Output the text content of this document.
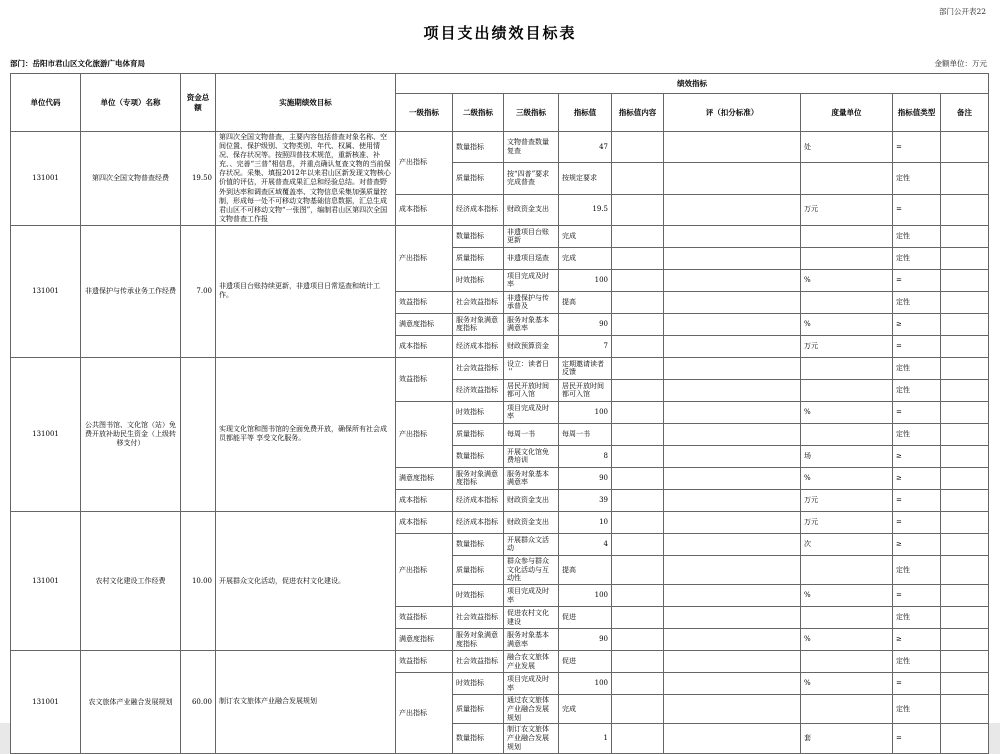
部门公开表22
项目支出绩效目标表
部门：岳阳市君山区文化旅游广电体育局	金额单位：万元
单位代码	单位（专项）名称	资金总额	实施期绩效目标	绩效指标								
				一级指标	二级指标	三级指标	指标值	指标值内容	评（扣分标准）	度量单位	指标值类型	备注
131001	第四次全国文物普查经费	19.50	第四次全国文物普查，主要内容包括普查对象名称、空间位置、保护级别、文物类别、年代、权属、使用情况、保存状况等。按照四普技术规范，重新核准、补充、、完善“三普”相信息，并重点确认复查文物的当前保存状况。采集、填报2012年以来君山区新发现文物核心价值的评估，开展普查成果汇总和经验总结。对普查野外到达率和调查区域覆盖率、文物信息采集加强质量控制，形成每一处不可移动文物基础信息数据，汇总生成君山区不可移动文物“一张图”，编制君山区第四次全国文物普查工作报	产出指标	数量指标	文物普查数量复查	47			处	=	
					质量指标	按“四普”要求完成普查	按规定要求				定性	
				成本指标	经济成本指标	财政资金支出	19.5			万元	=	
131001	非遗保护与传承业务工作经费	7.00	非遗项目台账持续更新，非遗项目日常巡查和统计工作。	产出指标	数量指标	非遗项目台账更新	完成				定性	
					质量指标	非遗项目巡查	完成				定性	
					时效指标	项目完成及时率	100			%	=	
				效益指标	社会效益指标	非遗保护与传承普及	提高				定性	
				满意度指标	服务对象满意度指标	服务对象基本满意率	90			%	≥	
				成本指标	经济成本指标	财政预算资金	7			万元	=	
131001	公共图书馆、文化馆（站）免费开放补助民生资金（上级转移支付）		实现文化馆和图书馆的全面免费开放，确保所有社会成员都能平等 享受文化服务。	效益指标	社会效益指标	设立：读者日＂	定期邀请读者反馈				定性	
					经济效益指标	居民开放时间都可入馆	居民开放时间都可入馆				定性	
				产出指标	时效指标	项目完成及时率	100			%	=	
					质量指标	每周一书	每周一书				定性	
					数量指标	开展文化馆免费培训	8			场	≥	
				满意度指标	服务对象满意度指标	服务对象基本满意率	90			%	≥	
				成本指标	经济成本指标	财政资金支出	39			万元	=	
131001	农村文化建设工作经费	10.00	开展群众文化活动，促进农村文化建设。	成本指标	经济成本指标	财政资金支出	10			万元	=	
				产出指标	数量指标	开展群众文活动	4			次	≥	
					质量指标	群众参与群众文化活动与互动性	提高				定性	
					时效指标	项目完成及时率	100			%	=	
				效益指标	社会效益指标	促进农村文化建设	促进				定性	
				满意度指标	服务对象满意度指标	服务对象基本满意率	90			%	≥	
131001	农文旅体产业融合发展规划	60.00	制订农文旅体产业融合发展规划	效益指标	社会效益指标	融合农文旅体产业发展	促进				定性	
				产出指标	时效指标	项目完成及时率	100			%	=	
					质量指标	通过农文旅体产业融合发展规划	完成				定性	
					数量指标	制订农文旅体产业融合发展规划	1			套	=	
